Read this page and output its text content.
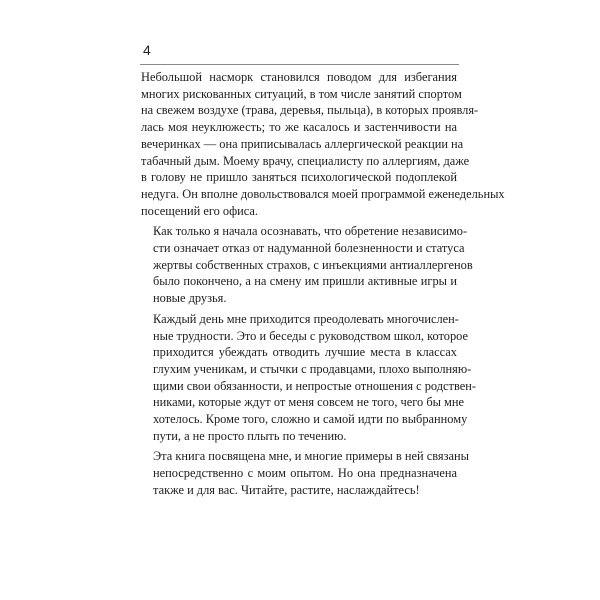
4

Небольшой насморк становился поводом для избегания
многих рискованных ситуаций, в том числе занятий спортом
на свежем воздухе (трава, деревья, пыльца), в которых проявля-
лась моя неуклюжесть; то же касалось и застенчивости на
вечеринках — она приписывалась аллергической реакции на
табачный дым. Моему врачу, специалисту по аллергиям, даже
в голову не пришло заняться психологической подоплекой
недуга. Он вполне довольствовался моей программой еженедельных
посещений его офиса.

Как только я начала осознавать, что обретение независимо-
сти означает отказ от надуманной болезненности и статуса
жертвы собственных страхов, с инъекциями антиаллергенов
было покончено, а на смену им пришли активные игры и
новые друзья.

Каждый день мне приходится преодолевать многочислен-
ные трудности. Это и беседы с руководством школ, которое
приходится убеждать отводить лучшие места в классах
глухим ученикам, и стычки с продавцами, плохо выполняю-
щими свои обязанности, и непростые отношения с родствен-
никами, которые ждут от меня совсем не того, чего бы мне
хотелось. Кроме того, сложно и самой идти по выбранному
пути, а не просто плыть по течению.

Эта книга посвящена мне, и многие примеры в ней связаны
непосредственно с моим опытом. Но она предназначена
также и для вас. Читайте, растите, наслаждайтесь!
